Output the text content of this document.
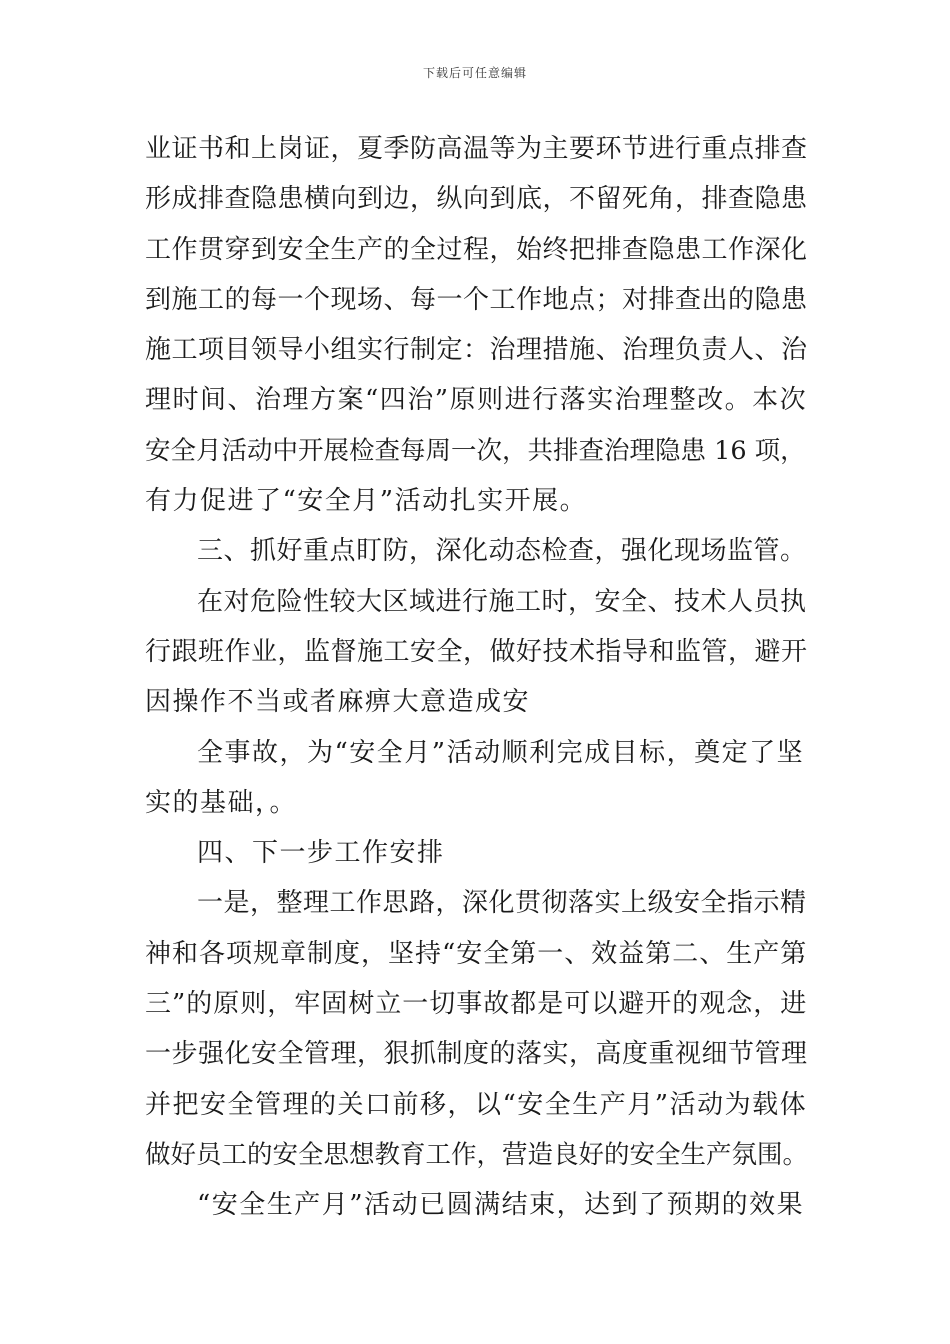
下载后可任意编辑
业证书和上岗证，夏季防高温等为主要环节进行重点排查
形成排查隐患横向到边，纵向到底，不留死角，排查隐患
工作贯穿到安全生产的全过程，始终把排查隐患工作深化
到施工的每一个现场、每一个工作地点；对排查出的隐患
施工项目领导小组实行制定：治理措施、治理负责人、治
理时间、治理方案“四治”原则进行落实治理整改。本次
安全月活动中开展检查每周一次，共排查治理隐患 16 项，
有力促进了“安全月”活动扎实开展。
三、抓好重点盯防，深化动态检查，强化现场监管。
在对危险性较大区域进行施工时，安全、技术人员执
行跟班作业，监督施工安全，做好技术指导和监管，避开
因操作不当或者麻痹大意造成安
全事故，为“安全月”活动顺利完成目标，奠定了坚
实的基础，。
四、下一步工作安排
一是，整理工作思路，深化贯彻落实上级安全指示精
神和各项规章制度，坚持“安全第一、效益第二、生产第
三”的原则，牢固树立一切事故都是可以避开的观念，进
一步强化安全管理，狠抓制度的落实，高度重视细节管理
并把安全管理的关口前移，以“安全生产月”活动为载体
做好员工的安全思想教育工作，营造良好的安全生产氛围。
“安全生产月”活动已圆满结束，达到了预期的效果
